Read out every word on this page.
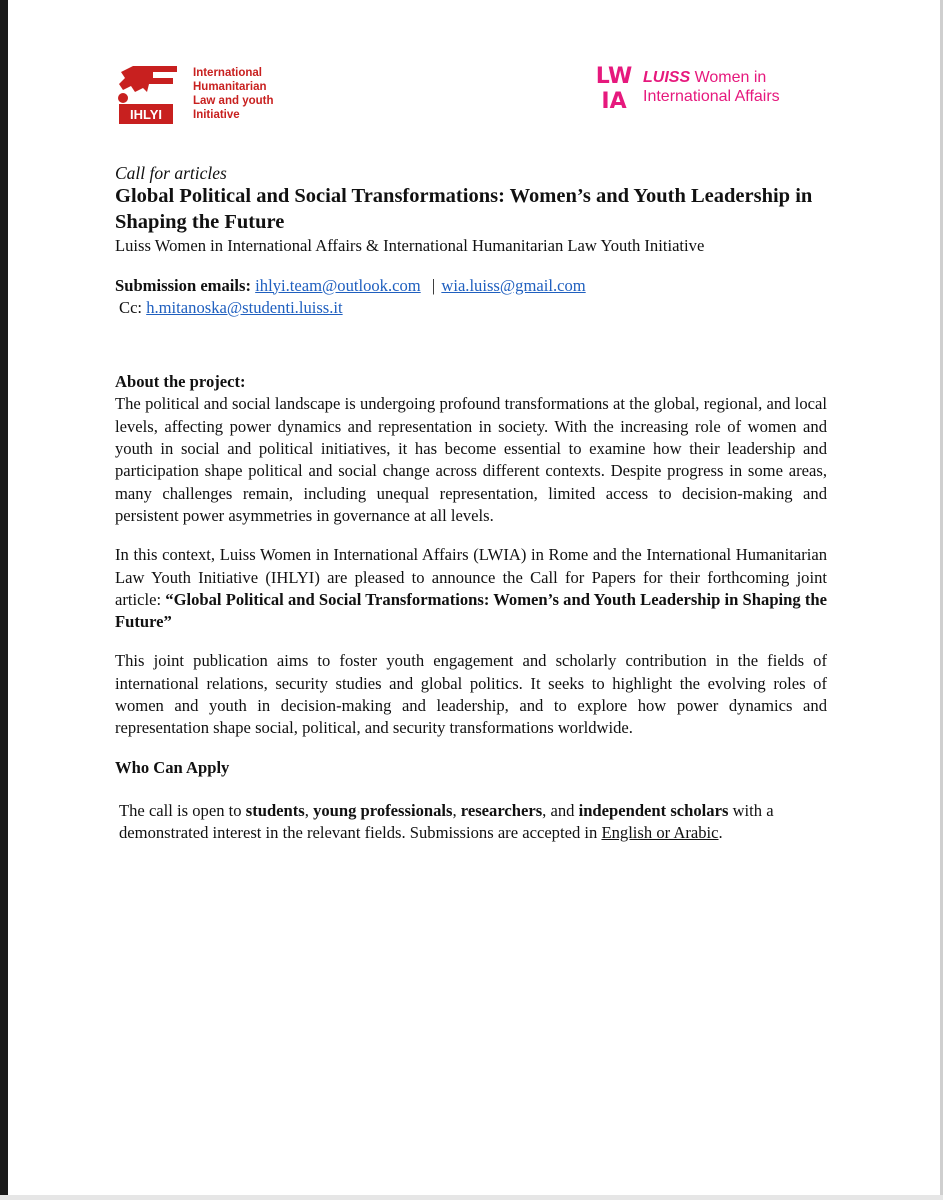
IHLYI
International
Humanitarian
Law and youth
Initiative
LW
IA
LUISS Women in
International Affairs

Call for articles

Global Political and Social Transformations: Women’s and Youth Leadership in Shaping the Future

Luiss Women in International Affairs & International Humanitarian Law Youth Initiative

Submission emails: ihlyi.team@outlook.com | wia.luiss@gmail.com
Cc: h.mitanoska@studenti.luiss.it
About the project:

The political and social landscape is undergoing profound transformations at the global, regional, and local levels, affecting power dynamics and representation in society. With the increasing role of women and youth in social and political initiatives, it has become essential to examine how their leadership and participation shape political and social change across different contexts. Despite progress in some areas, many challenges remain, including unequal representation, limited access to decision-making and persistent power asymmetries in governance at all levels.

In this context, Luiss Women in International Affairs (LWIA) in Rome and the International Humanitarian Law Youth Initiative (IHLYI) are pleased to announce the Call for Papers for their forthcoming joint article: “Global Political and Social Transformations: Women’s and Youth Leadership in Shaping the Future”

This joint publication aims to foster youth engagement and scholarly contribution in the fields of international relations, security studies and global politics. It seeks to highlight the evolving roles of women and youth in decision-making and leadership, and to explore how power dynamics and representation shape social, political, and security transformations worldwide.

Who Can Apply

The call is open to students, young professionals, researchers, and independent scholars with a demonstrated interest in the relevant fields. Submissions are accepted in English or Arabic.
